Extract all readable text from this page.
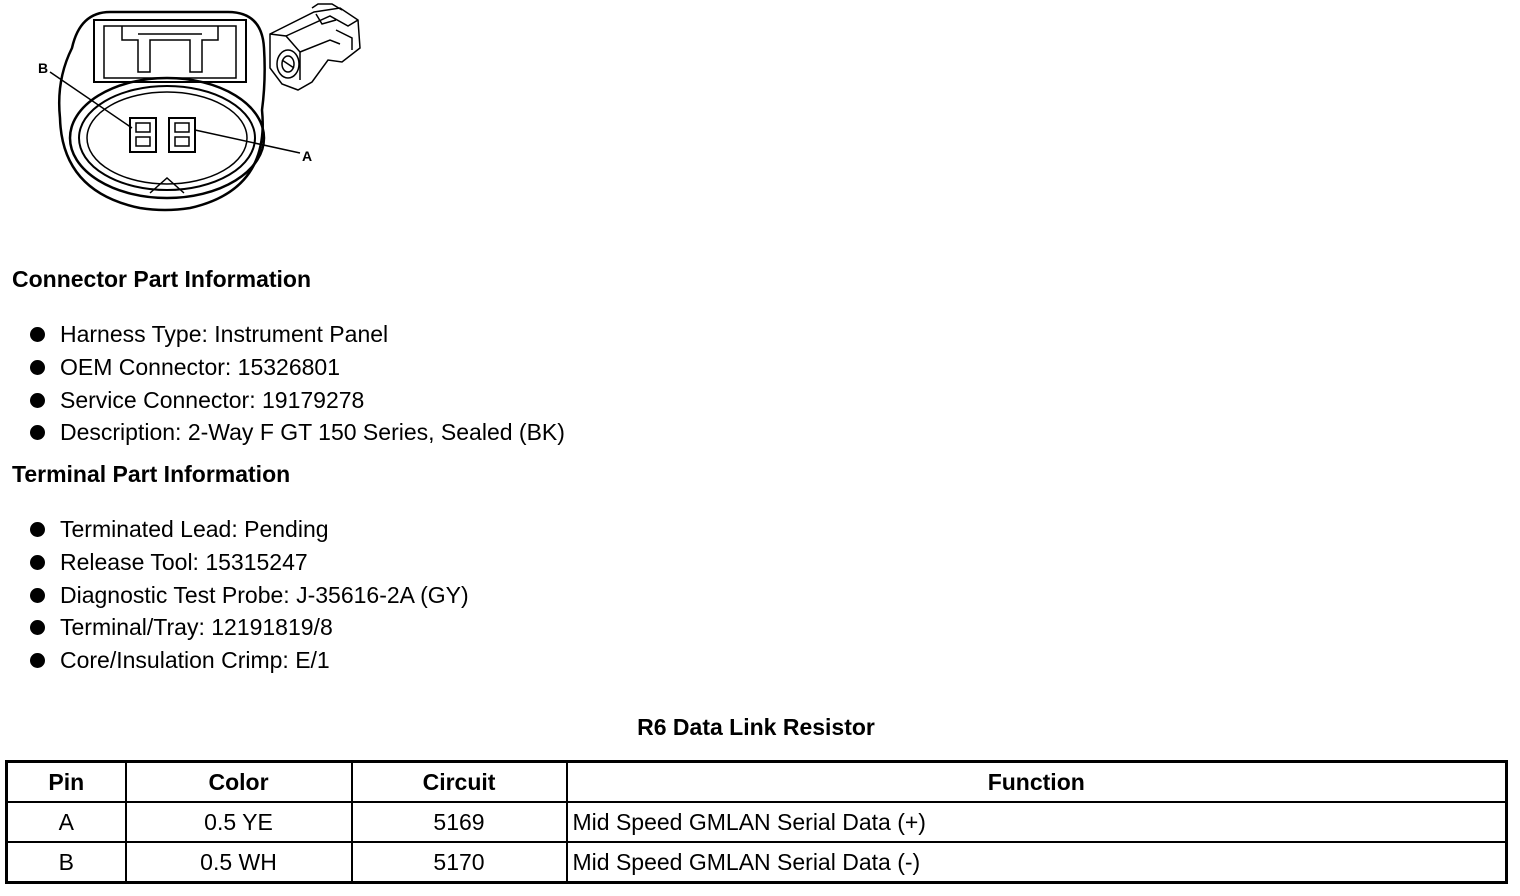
B
A
Connector Part Information
Harness Type: Instrument Panel
OEM Connector: 15326801
Service Connector: 19179278
Description: 2-Way F GT 150 Series, Sealed (BK)
Terminal Part Information
Terminated Lead: Pending
Release Tool: 15315247
Diagnostic Test Probe: J-35616-2A (GY)
Terminal/Tray: 12191819/8
Core/Insulation Crimp: E/1
R6 Data Link Resistor
Pin	Color	Circuit	Function
A	0.5 YE	5169	Mid Speed GMLAN Serial Data (+)
B	0.5 WH	5170	Mid Speed GMLAN Serial Data (-)
